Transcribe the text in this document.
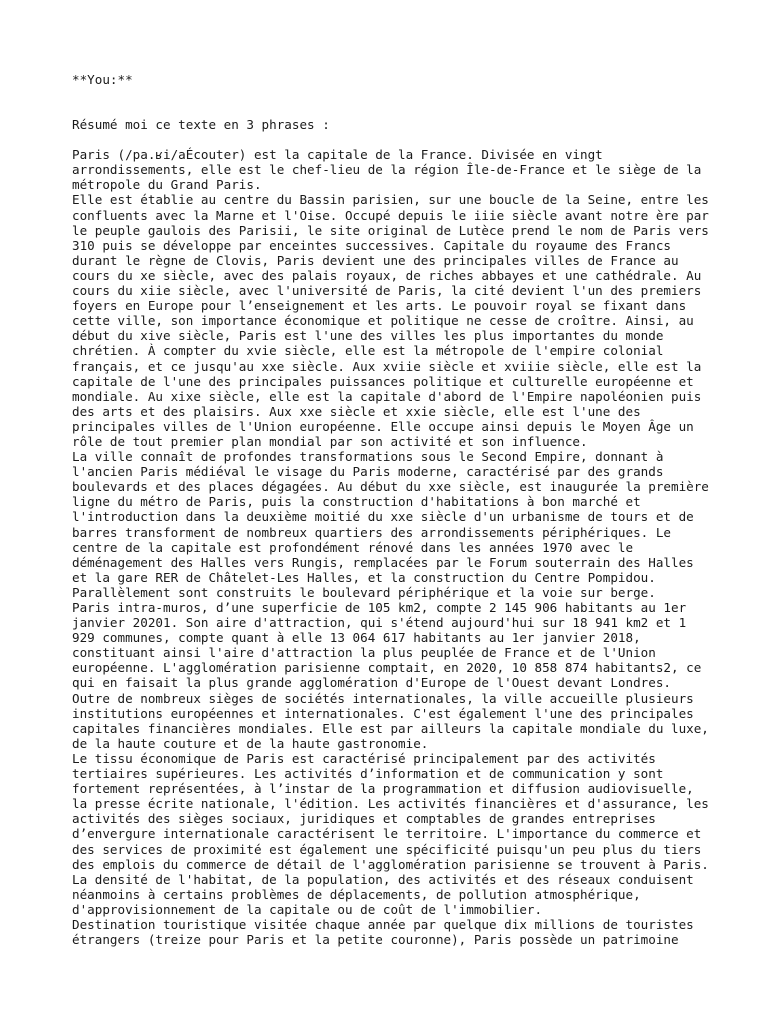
**You:**
Résumé moi ce texte en 3 phrases :

Paris (/pa.ʁi/aÉcouter) est la capitale de la France. Divisée en vingt arrondissements, elle est le chef-lieu de la région Île-de-France et le siège de la métropole du Grand Paris.

Elle est établie au centre du Bassin parisien, sur une boucle de la Seine, entre les confluents avec la Marne et l'Oise. Occupé depuis le iiie siècle avant notre ère par le peuple gaulois des Parisii, le site original de Lutèce prend le nom de Paris vers 310 puis se développe par enceintes successives. Capitale du royaume des Francs durant le règne de Clovis, Paris devient une des principales villes de France au cours du xe siècle, avec des palais royaux, de riches abbayes et une cathédrale. Au cours du xiie siècle, avec l'université de Paris, la cité devient l'un des premiers foyers en Europe pour l’enseignement et les arts. Le pouvoir royal se fixant dans cette ville, son importance économique et politique ne cesse de croître. Ainsi, au début du xive siècle, Paris est l'une des villes les plus importantes du monde chrétien. À compter du xvie siècle, elle est la métropole de l'empire colonial français, et ce jusqu'au xxe siècle. Aux xviie siècle et xviiie siècle, elle est la capitale de l'une des principales puissances politique et culturelle européenne et mondiale. Au xixe siècle, elle est la capitale d'abord de l'Empire napoléonien puis des arts et des plaisirs. Aux xxe siècle et xxie siècle, elle est l'une des principales villes de l'Union européenne. Elle occupe ainsi depuis le Moyen Âge un rôle de tout premier plan mondial par son activité et son influence.

La ville connaît de profondes transformations sous le Second Empire, donnant à l'ancien Paris médiéval le visage du Paris moderne, caractérisé par des grands boulevards et des places dégagées. Au début du xxe siècle, est inaugurée la première ligne du métro de Paris, puis la construction d'habitations à bon marché et l'introduction dans la deuxième moitié du xxe siècle d'un urbanisme de tours et de barres transforment de nombreux quartiers des arrondissements périphériques. Le centre de la capitale est profondément rénové dans les années 1970 avec le déménagement des Halles vers Rungis, remplacées par le Forum souterrain des Halles et la gare RER de Châtelet-Les Halles, et la construction du Centre Pompidou. Parallèlement sont construits le boulevard périphérique et la voie sur berge.

Paris intra-muros, d’une superficie de 105 km2, compte 2 145 906 habitants au 1er janvier 20201. Son aire d'attraction, qui s'étend aujourd'hui sur 18 941 km2 et 1 929 communes, compte quant à elle 13 064 617 habitants au 1er janvier 2018, constituant ainsi l'aire d'attraction la plus peuplée de France et de l'Union européenne. L'agglomération parisienne comptait, en 2020, 10 858 874 habitants2, ce qui en faisait la plus grande agglomération d'Europe de l'Ouest devant Londres. Outre de nombreux sièges de sociétés internationales, la ville accueille plusieurs institutions européennes et internationales. C'est également l'une des principales capitales financières mondiales. Elle est par ailleurs la capitale mondiale du luxe, de la haute couture et de la haute gastronomie.

Le tissu économique de Paris est caractérisé principalement par des activités tertiaires supérieures. Les activités d’information et de communication y sont fortement représentées, à l’instar de la programmation et diffusion audiovisuelle, la presse écrite nationale, l'édition. Les activités financières et d'assurance, les activités des sièges sociaux, juridiques et comptables de grandes entreprises d’envergure internationale caractérisent le territoire. L'importance du commerce et des services de proximité est également une spécificité puisqu'un peu plus du tiers des emplois du commerce de détail de l'agglomération parisienne se trouvent à Paris. La densité de l'habitat, de la population, des activités et des réseaux conduisent néanmoins à certains problèmes de déplacements, de pollution atmosphérique, d'approvisionnement de la capitale ou de coût de l'immobilier.

Destination touristique visitée chaque année par quelque dix millions de touristes étrangers (treize pour Paris et la petite couronne), Paris possède un patrimoine
